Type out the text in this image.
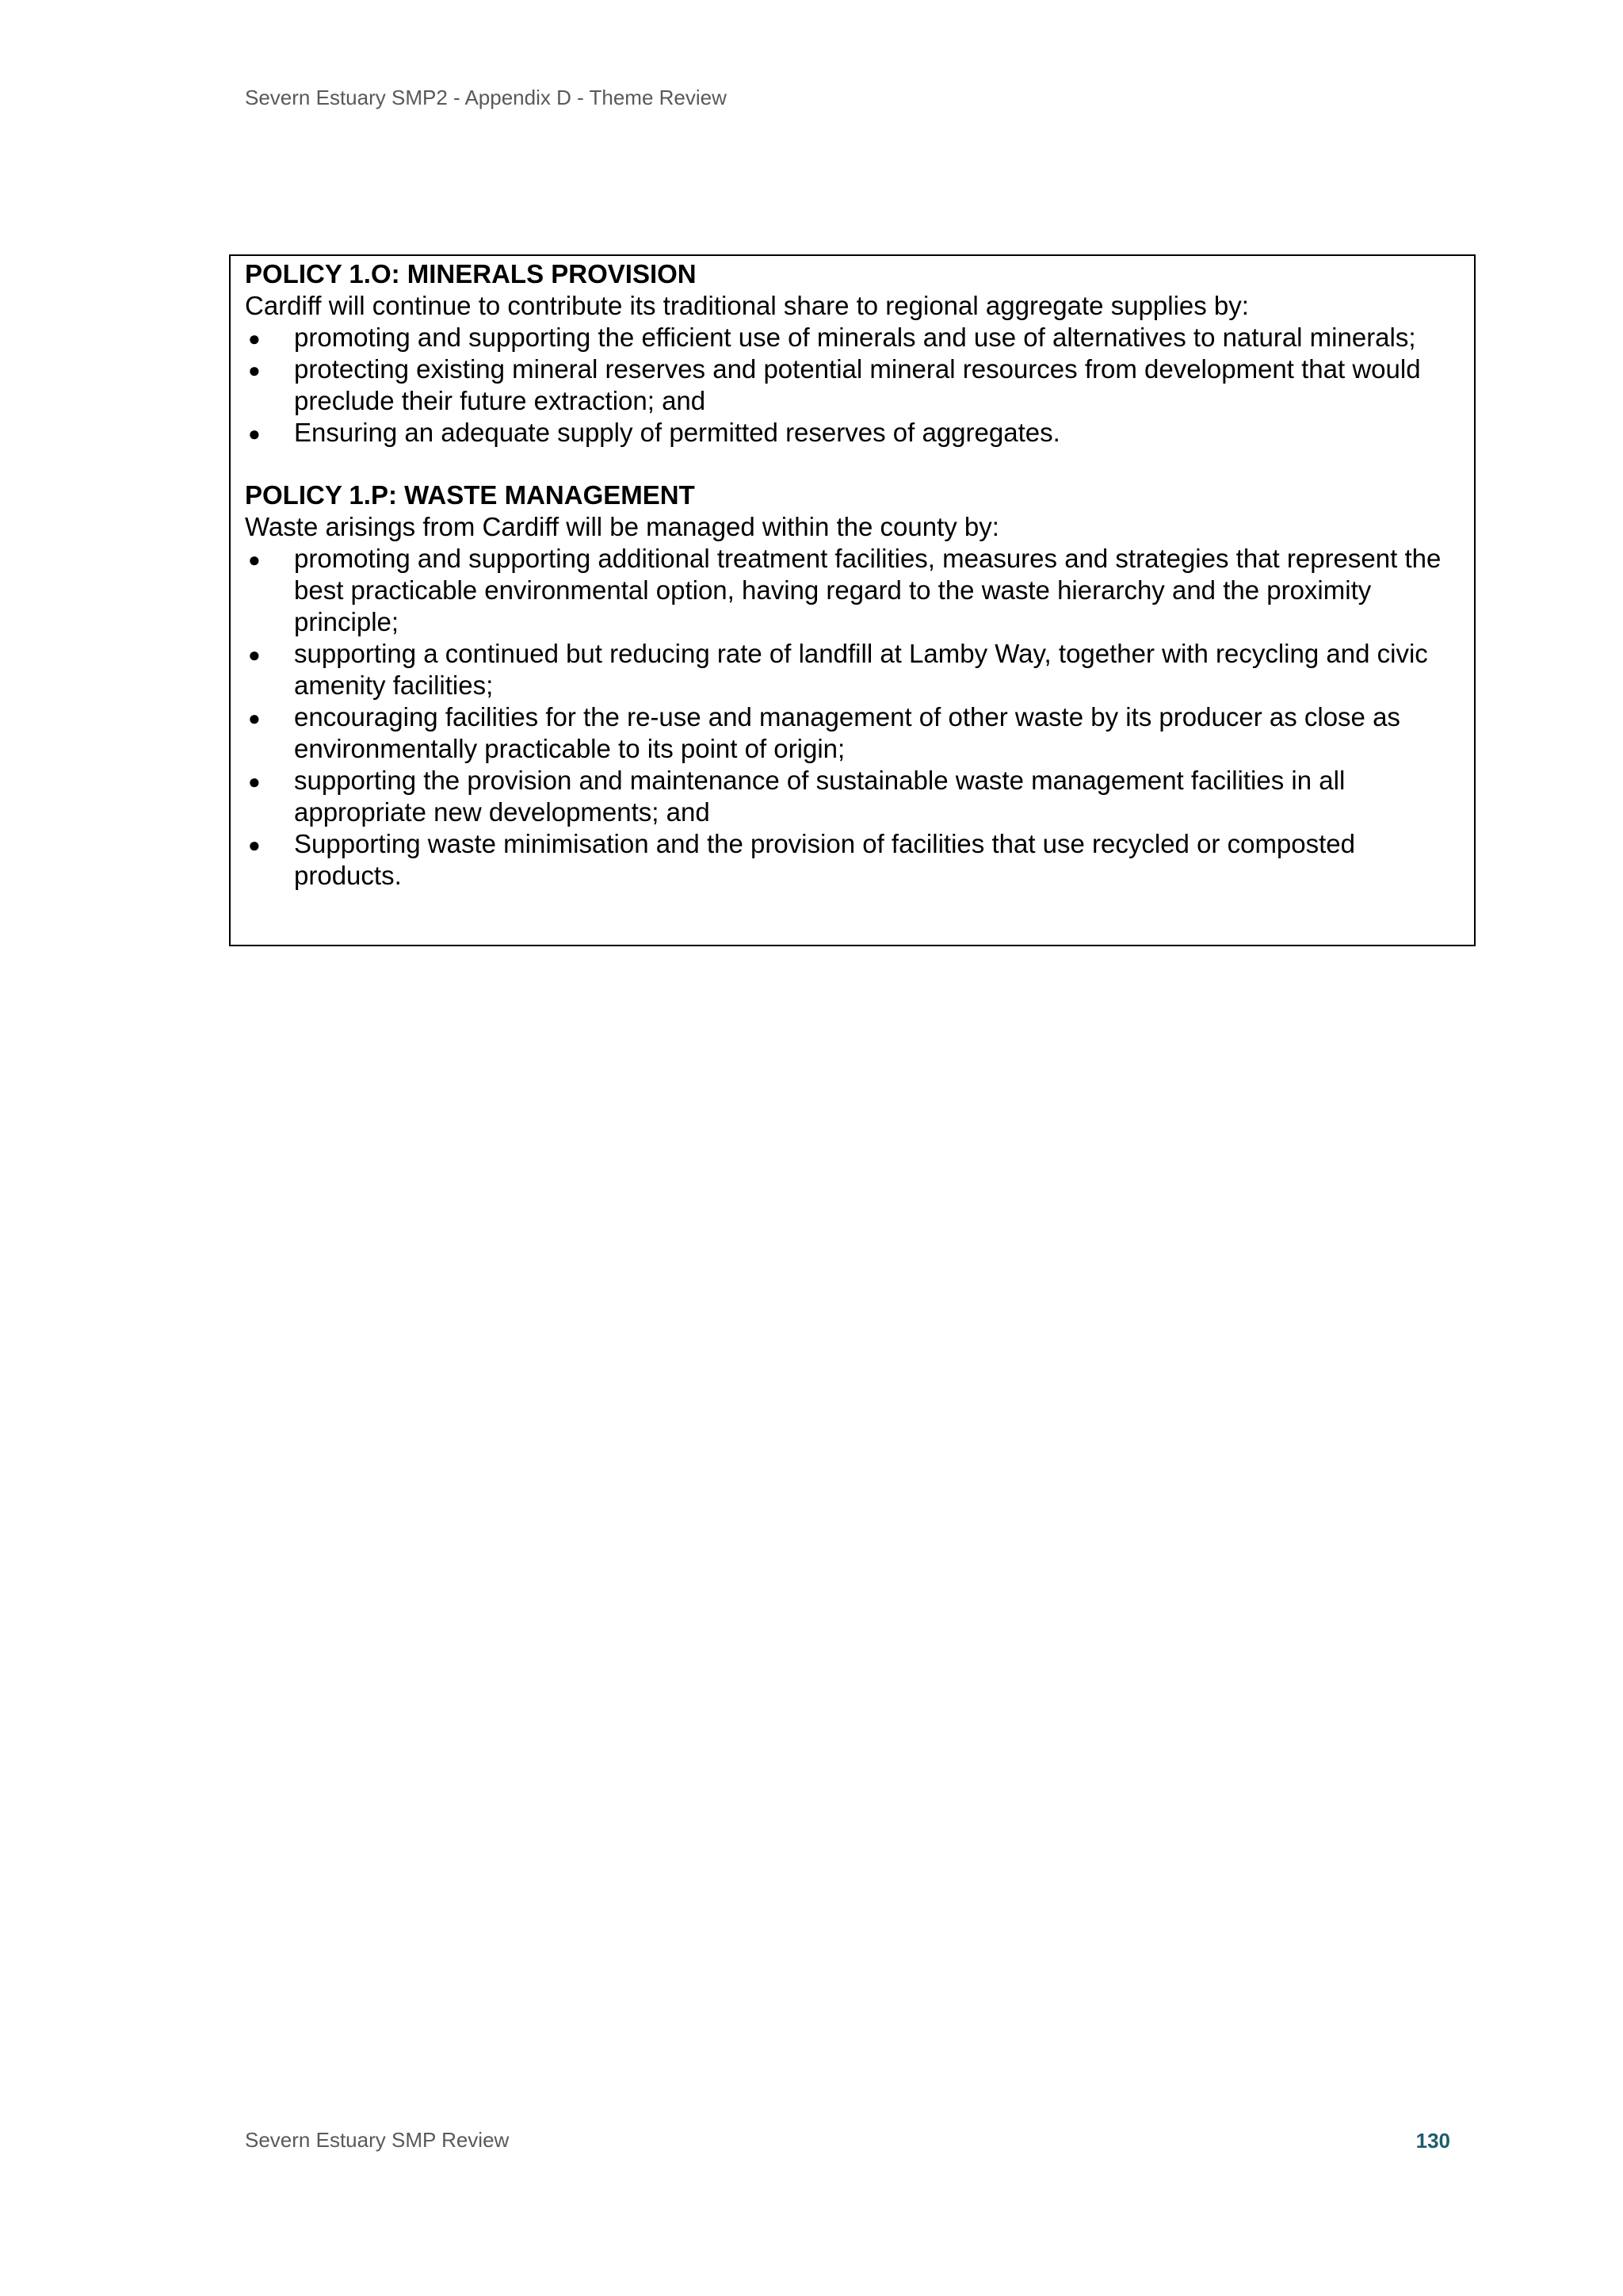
Severn Estuary SMP2 - Appendix D - Theme Review
POLICY 1.O: MINERALS PROVISION
Cardiff will continue to contribute its traditional share to regional aggregate supplies by:
● promoting and supporting the efficient use of minerals and use of alternatives to natural minerals;
● protecting existing mineral reserves and potential mineral resources from development that would preclude their future extraction; and
● Ensuring an adequate supply of permitted reserves of aggregates.
POLICY 1.P: WASTE MANAGEMENT
Waste arisings from Cardiff will be managed within the county by:
● promoting and supporting additional treatment facilities, measures and strategies that represent the best practicable environmental option, having regard to the waste hierarchy and the proximity principle;
● supporting a continued but reducing rate of landfill at Lamby Way, together with recycling and civic amenity facilities;
● encouraging facilities for the re-use and management of other waste by its producer as close as environmentally practicable to its point of origin;
● supporting the provision and maintenance of sustainable waste management facilities in all appropriate new developments; and
● Supporting waste minimisation and the provision of facilities that use recycled or composted products.
Severn Estuary SMP Review	130
